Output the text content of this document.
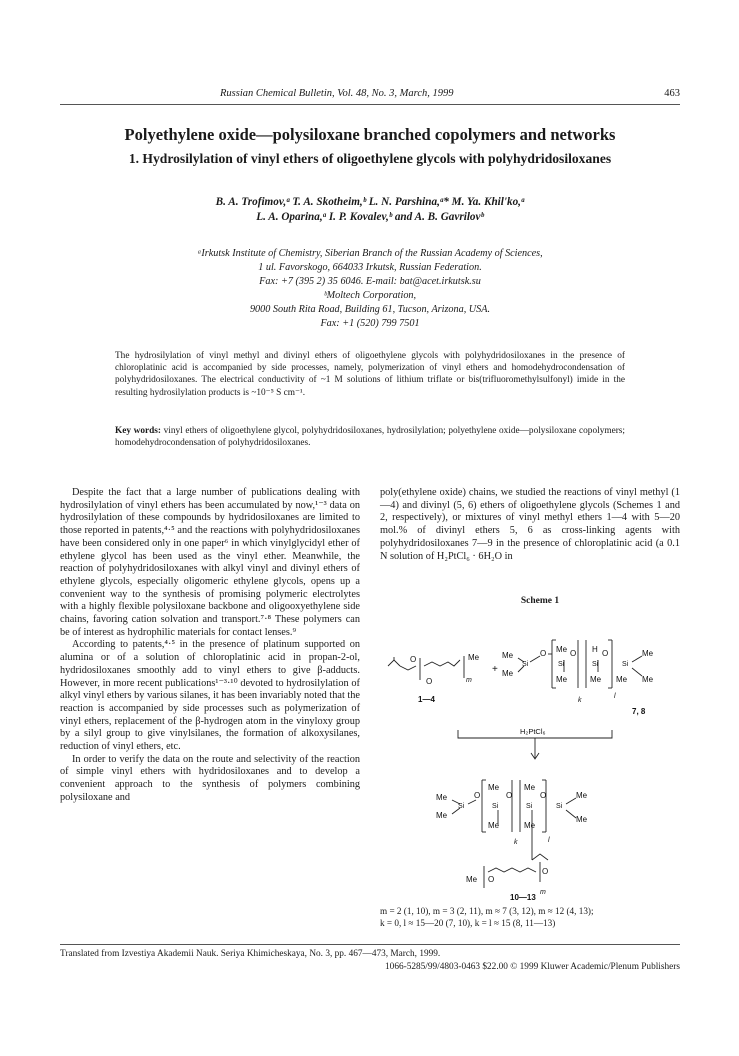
Russian Chemical Bulletin, Vol. 48, No. 3, March, 1999	463
Polyethylene oxide—polysiloxane branched copolymers and networks
1. Hydrosilylation of vinyl ethers of oligoethylene glycols with polyhydridosiloxanes
B. A. Trofimov,ᵃ T. A. Skotheim,ᵇ L. N. Parshina,ᵃ* M. Ya. Khil'ko,ᵃ
L. A. Oparina,ᵃ I. P. Kovalev,ᵇ and A. B. Gavrilovᵇ
ᵃIrkutsk Institute of Chemistry, Siberian Branch of the Russian Academy of Sciences,
1 ul. Favorskogo, 664033 Irkutsk, Russian Federation.
Fax: +7 (395 2) 35 6046. E-mail: bat@acet.irkutsk.su
ᵇMoltech Corporation,
9000 South Rita Road, Building 61, Tucson, Arizona, USA.
Fax: +1 (520) 799 7501
The hydrosilylation of vinyl methyl and divinyl ethers of oligoethylene glycols with polyhydridosiloxanes in the presence of chloroplatinic acid is accompanied by side processes, namely, polymerization of vinyl ethers and homodehydrocondensation of polyhydridosiloxanes. The electrical conductivity of ~1 M solutions of lithium triflate or bis(trifluoromethylsulfonyl) imide in the resulting hydrosilylation products is ~10⁻⁵ S cm⁻¹.
Key words: vinyl ethers of oligoethylene glycol, polyhydridosiloxanes, hydrosilylation; polyethylene oxide—polysiloxane copolymers; homodehydrocondensation of polyhydridosiloxanes.

Despite the fact that a large number of publications dealing with hydrosilylation of vinyl ethers has been accumulated by now,¹⁻³ data on hydrosilylation of these compounds by hydridosiloxanes are limited to those reported in patents,⁴·⁵ and the reactions with polyhydridosiloxanes have been considered only in one paper⁶ in which vinylglycidyl ether of ethylene glycol has been used as the vinyl ether. Meanwhile, the reaction of polyhydridosiloxanes with alkyl vinyl and divinyl ethers of ethylene glycols, especially oligomeric ethylene glycols, opens up a convenient way to the synthesis of promising polymeric electrolytes with a highly flexible polysiloxane backbone and oligooxyethylene side chains, favoring cation solvation and transport.⁷·⁸ These polymers can be of interest as hydrophilic materials for contact lenses.⁹

According to patents,⁴·⁵ in the presence of platinum supported on alumina or of a solution of chloroplatinic acid in propan-2-ol, hydridosiloxanes smoothly add to vinyl ethers to give β-adducts. However, in more recent publications¹⁻³·¹⁰ devoted to hydrosilylation of alkyl vinyl ethers by various silanes, it has been invariably noted that the reaction is accompanied by side processes such as polymerization of vinyl ethers, replacement of the β-hydrogen atom in the vinyloxy group by a silyl group to give vinylsilanes, the formation of alkoxysilanes, reduction of vinyl ethers, etc.

In order to verify the data on the route and selectivity of the reaction of simple vinyl ethers with hydridosiloxanes and to develop a convenient approach to the synthesis of polymers combining polysiloxane and

poly(ethylene oxide) chains, we studied the reactions of vinyl methyl (1—4) and divinyl (5, 6) ethers of oligoethylene glycols (Schemes 1 and 2, respectively), or mixtures of vinyl methyl ethers 1—4 with 5—20 mol.% of divinyl ethers 5, 6 as cross-linking agents with polyhydridosiloxanes 7—9 in the presence of chloroplatinic acid (a 0.1 N solution of H₂PtCl₆ · 6H₂O in

Scheme 1
Me
m
O
O
1—4
+
Me
Si
Me
O Me
Si
Me
O
k
H
Si
Me
O
l
Si
Me
Me
Me
7, 8
H₂PtCl₆
Me
Si
Me
O
Me
Si
Me
O
k
Me
Si
Me
O
l
Si
Me
Me
Me O
O
m
10—13
m = 2 (1, 10), m = 3 (2, 11), m ≈ 7 (3, 12), m ≈ 12 (4, 13);
k = 0, l ≈ 15—20 (7, 10), k = l ≈ 15 (8, 11—13)
Translated from Izvestiya Akademii Nauk. Seriya Khimicheskaya, No. 3, pp. 467—473, March, 1999.
1066-5285/99/4803-0463 $22.00 © 1999 Kluwer Academic/Plenum Publishers
